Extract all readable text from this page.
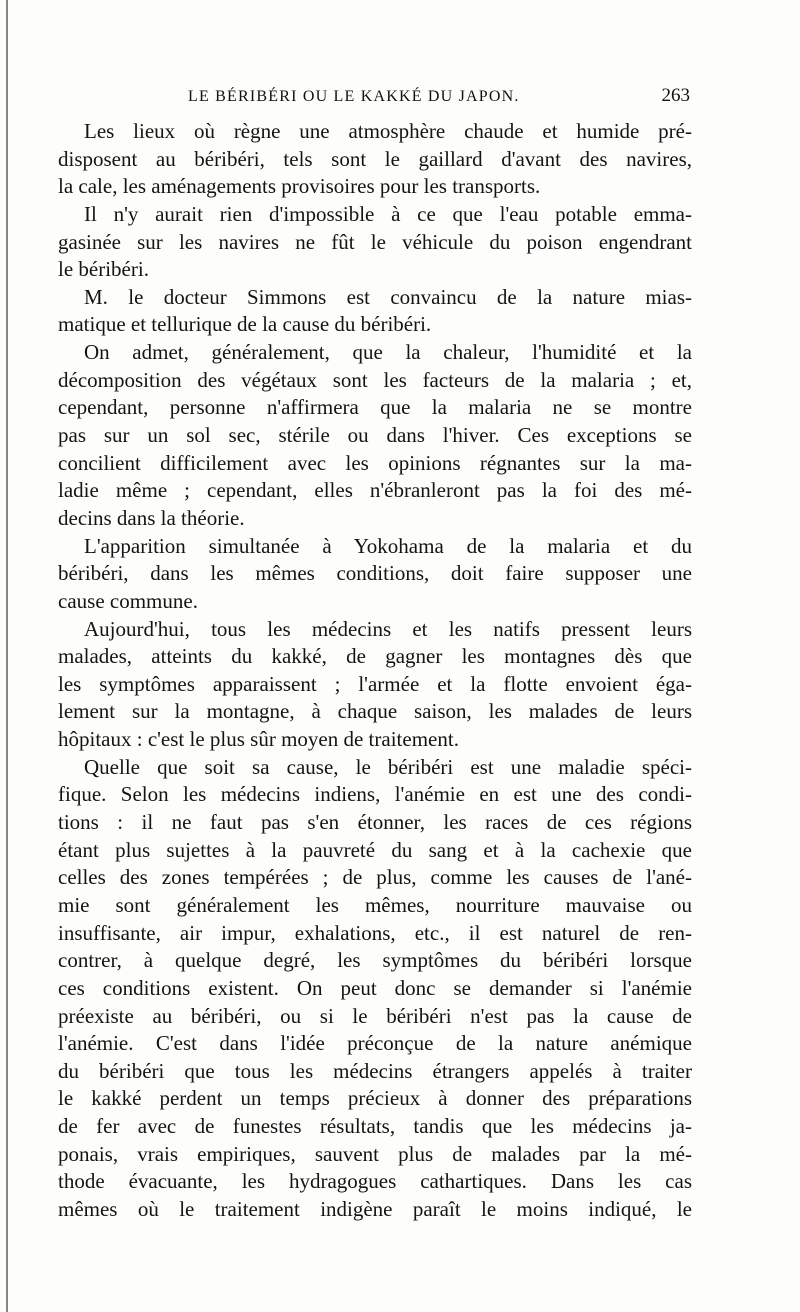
LE BÉRIBÉRI OU LE KAKKÉ DU JAPON.	263
Les lieux où règne une atmosphère chaude et humide pré-
disposent au béribéri, tels sont le gaillard d'avant des navires,
la cale, les aménagements provisoires pour les transports.
Il n'y aurait rien d'impossible à ce que l'eau potable emma-
gasinée sur les navires ne fût le véhicule du poison engendrant
le béribéri.
M. le docteur Simmons est convaincu de la nature mias-
matique et tellurique de la cause du béribéri.
On admet, généralement, que la chaleur, l'humidité et la
décomposition des végétaux sont les facteurs de la malaria ; et,
cependant, personne n'affirmera que la malaria ne se montre
pas sur un sol sec, stérile ou dans l'hiver. Ces exceptions se
concilient difficilement avec les opinions régnantes sur la ma-
ladie même ; cependant, elles n'ébranleront pas la foi des mé-
decins dans la théorie.
L'apparition simultanée à Yokohama de la malaria et du
béribéri, dans les mêmes conditions, doit faire supposer une
cause commune.
Aujourd'hui, tous les médecins et les natifs pressent leurs
malades, atteints du kakké, de gagner les montagnes dès que
les symptômes apparaissent ; l'armée et la flotte envoient éga-
lement sur la montagne, à chaque saison, les malades de leurs
hôpitaux : c'est le plus sûr moyen de traitement.
Quelle que soit sa cause, le béribéri est une maladie spéci-
fique. Selon les médecins indiens, l'anémie en est une des condi-
tions : il ne faut pas s'en étonner, les races de ces régions
étant plus sujettes à la pauvreté du sang et à la cachexie que
celles des zones tempérées ; de plus, comme les causes de l'ané-
mie sont généralement les mêmes, nourriture mauvaise ou
insuffisante, air impur, exhalations, etc., il est naturel de ren-
contrer, à quelque degré, les symptômes du béribéri lorsque
ces conditions existent. On peut donc se demander si l'anémie
préexiste au béribéri, ou si le béribéri n'est pas la cause de
l'anémie. C'est dans l'idée préconçue de la nature anémique
du béribéri que tous les médecins étrangers appelés à traiter
le kakké perdent un temps précieux à donner des préparations
de fer avec de funestes résultats, tandis que les médecins ja-
ponais, vrais empiriques, sauvent plus de malades par la mé-
thode évacuante, les hydragogues cathartiques. Dans les cas
mêmes où le traitement indigène paraît le moins indiqué, le
